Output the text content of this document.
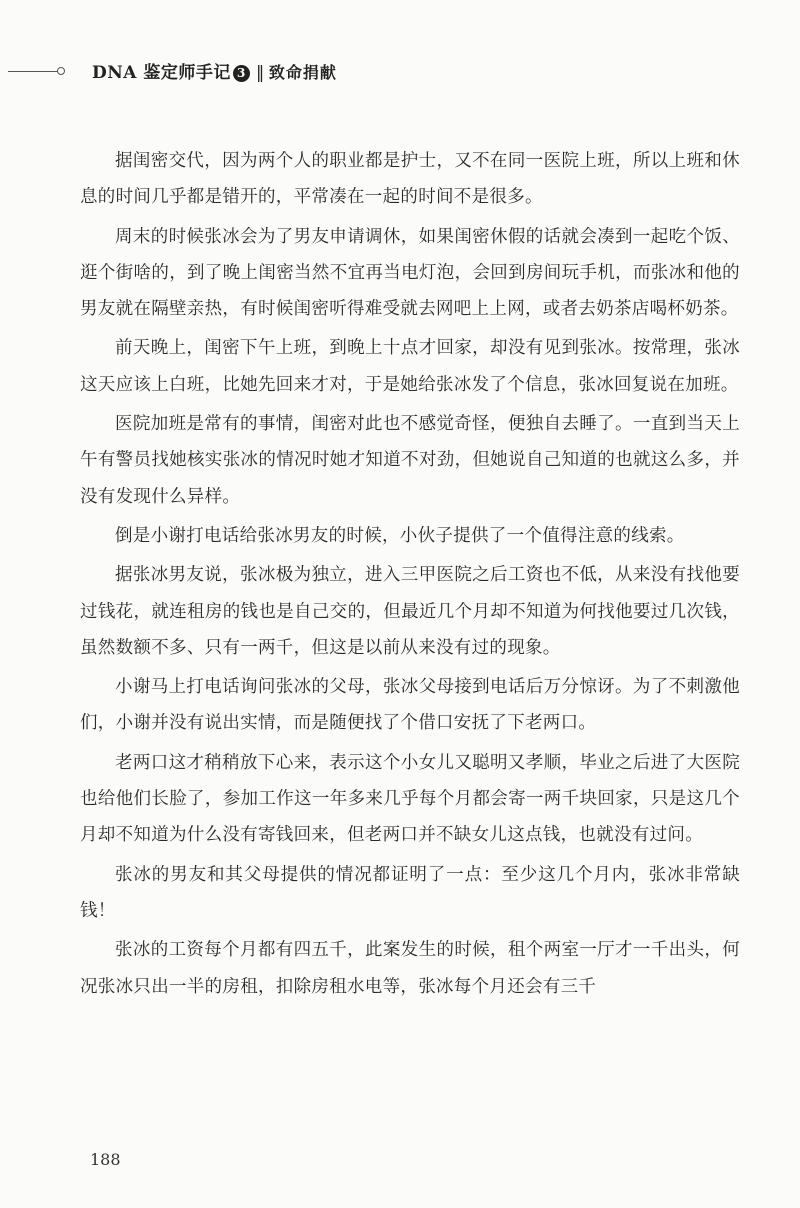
DNA 鉴定师手记 3 ‖ 致命捐献

据闺密交代，因为两个人的职业都是护士，又不在同一医院上班，所以上班和休息的时间几乎都是错开的，平常凑在一起的时间不是很多。

周末的时候张冰会为了男友申请调休，如果闺密休假的话就会凑到一起吃个饭、逛个街啥的，到了晚上闺密当然不宜再当电灯泡，会回到房间玩手机，而张冰和他的男友就在隔壁亲热，有时候闺密听得难受就去网吧上上网，或者去奶茶店喝杯奶茶。

前天晚上，闺密下午上班，到晚上十点才回家，却没有见到张冰。按常理，张冰这天应该上白班，比她先回来才对，于是她给张冰发了个信息，张冰回复说在加班。

医院加班是常有的事情，闺密对此也不感觉奇怪，便独自去睡了。一直到当天上午有警员找她核实张冰的情况时她才知道不对劲，但她说自己知道的也就这么多，并没有发现什么异样。

倒是小谢打电话给张冰男友的时候，小伙子提供了一个值得注意的线索。

据张冰男友说，张冰极为独立，进入三甲医院之后工资也不低，从来没有找他要过钱花，就连租房的钱也是自己交的，但最近几个月却不知道为何找他要过几次钱，虽然数额不多、只有一两千，但这是以前从来没有过的现象。

小谢马上打电话询问张冰的父母，张冰父母接到电话后万分惊讶。为了不刺激他们，小谢并没有说出实情，而是随便找了个借口安抚了下老两口。

老两口这才稍稍放下心来，表示这个小女儿又聪明又孝顺，毕业之后进了大医院也给他们长脸了，参加工作这一年多来几乎每个月都会寄一两千块回家，只是这几个月却不知道为什么没有寄钱回来，但老两口并不缺女儿这点钱，也就没有过问。

张冰的男友和其父母提供的情况都证明了一点：至少这几个月内，张冰非常缺钱！

张冰的工资每个月都有四五千，此案发生的时候，租个两室一厅才一千出头，何况张冰只出一半的房租，扣除房租水电等，张冰每个月还会有三千

188
